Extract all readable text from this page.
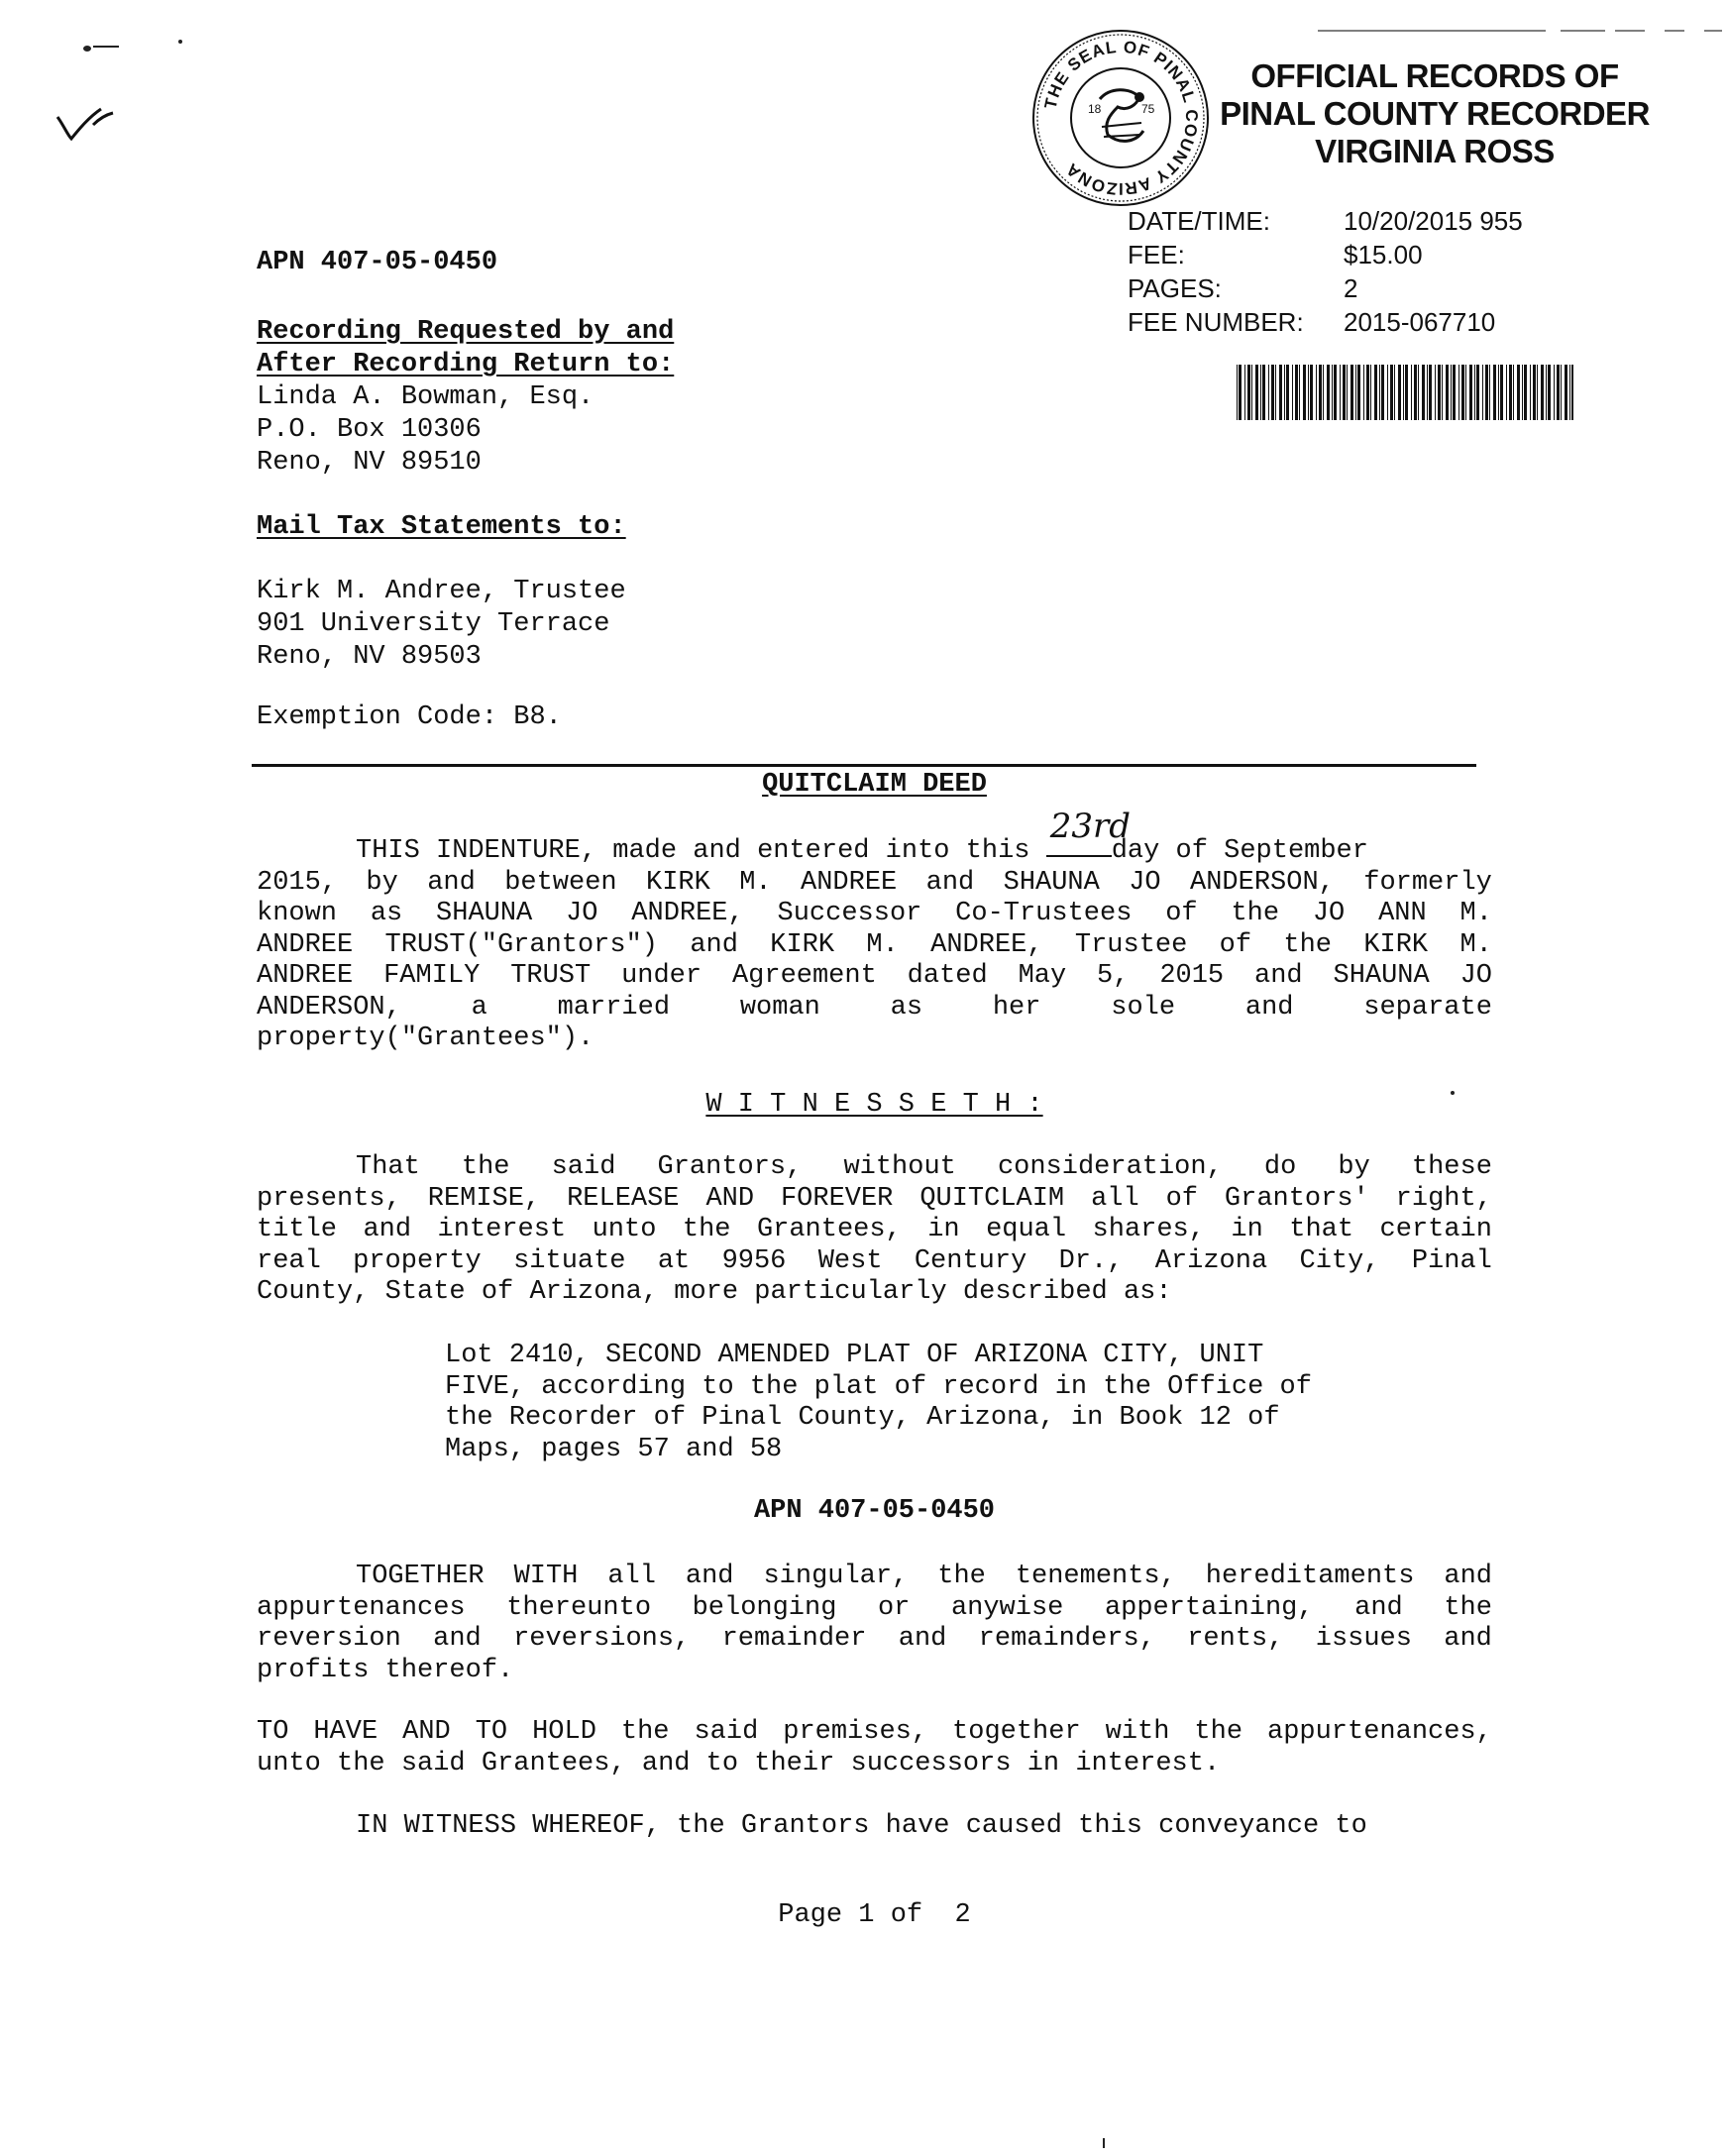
THE SEAL OF PINAL COUNTY ARIZONA
18	75
OFFICIAL RECORDS OF
PINAL COUNTY RECORDER
VIRGINIA ROSS
DATE/TIME:	10/20/2015 955
FEE:	$15.00
PAGES:	2
FEE NUMBER:	2015-067710
APN 407-05-0450
Recording Requested by and
After Recording Return to:
Linda A. Bowman, Esq.
P.O. Box 10306
Reno, NV 89510
Mail Tax Statements to:
Kirk M. Andree, Trustee
901 University Terrace
Reno, NV 89503
Exemption Code: B8.
QUITCLAIM DEED
THIS INDENTURE, made and entered into this
23rd
day of September
2015, by and between KIRK M. ANDREE and SHAUNA JO ANDERSON, formerly
known as SHAUNA JO ANDREE, Successor Co-Trustees of the JO ANN M.
ANDREE TRUST("Grantors") and KIRK M. ANDREE, Trustee of the KIRK M.
ANDREE FAMILY TRUST under Agreement dated May 5, 2015 and SHAUNA JO
ANDERSON,	a	married	woman	as	her	sole	and	separate
property("Grantees").
W I T N E S S E T H :
That the said Grantors, without consideration, do by these
presents, REMISE, RELEASE AND FOREVER QUITCLAIM all of Grantors' right,
title and interest unto the Grantees, in equal shares, in that certain
real property situate at 9956 West Century Dr., Arizona City, Pinal
County, State of Arizona, more particularly described as:
Lot 2410, SECOND AMENDED PLAT OF ARIZONA CITY, UNIT
FIVE, according to the plat of record in the Office of
the Recorder of Pinal County, Arizona, in Book 12 of
Maps, pages 57 and 58
APN 407-05-0450
TOGETHER WITH all and singular, the tenements, hereditaments and
appurtenances thereunto belonging or anywise appertaining, and the
reversion and reversions, remainder and remainders, rents, issues and
profits thereof.
TO HAVE AND TO HOLD the said premises, together with the appurtenances,
unto the said Grantees, and to their successors in interest.
IN WITNESS WHEREOF, the Grantors have caused this conveyance to
Page 1 of  2
